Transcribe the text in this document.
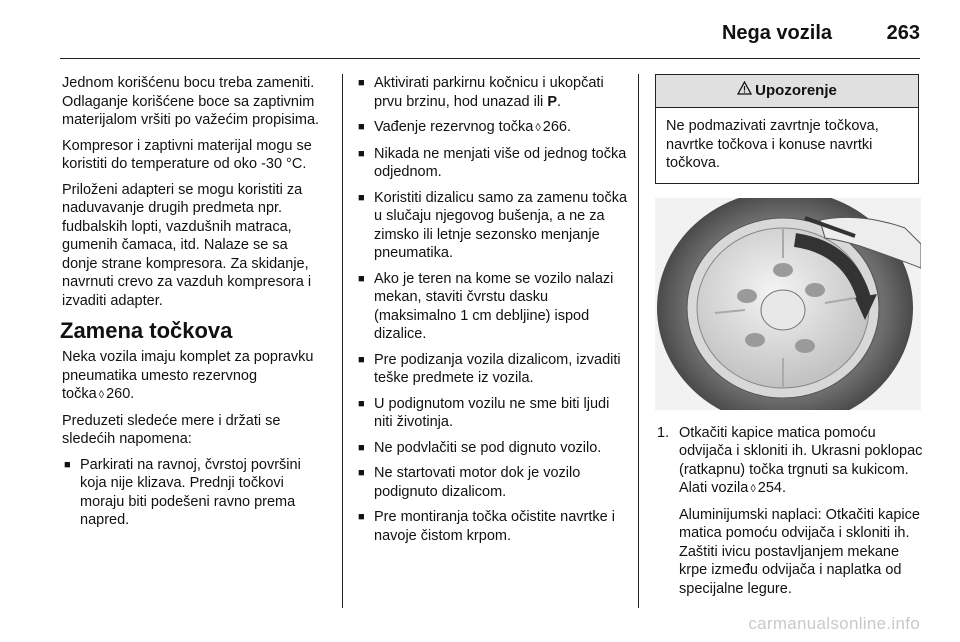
Nega vozila	263

Jednom korišćenu bocu treba zameniti. Odlaganje korišćene boce sa zaptivnim materijalom vršiti po važećim propisima.

Kompresor i zaptivni materijal mogu se koristiti do temperature od oko -30 °C.

Priloženi adapteri se mogu koristiti za naduvavanje drugih predmeta npr. fudbalskih lopti, vazdušnih matraca, gumenih čamaca, itd. Nalaze se sa donje strane kompresora. Za skidanje, navrnuti crevo za vazduh kompresora i izvaditi adapter.

Zamena točkova

Neka vozila imaju komplet za popravku pneumatika umesto rezervnog točka ◊ 260.

Preduzeti sledeće mere i držati se sledećih napomena:

■ Parkirati na ravnoj, čvrstoj površini koja nije klizava. Prednji točkovi moraju biti podešeni ravno prema napred.
■ Aktivirati parkirnu kočnicu i ukopčati prvu brzinu, hod unazad ili P.
■ Vađenje rezervnog točka ◊ 266.
■ Nikada ne menjati više od jednog točka odjednom.
■ Koristiti dizalicu samo za zamenu točka u slučaju njegovog bušenja, a ne za zimsko ili letnje sezonsko menjanje pneumatika.
■ Ako je teren na kome se vozilo nalazi mekan, staviti čvrstu dasku (maksimalno 1 cm debljine) ispod dizalice.
■ Pre podizanja vozila dizalicom, izvaditi teške predmete iz vozila.
■ U podignutom vozilu ne sme biti ljudi niti životinja.
■ Ne podvlačiti se pod dignuto vozilo.
■ Ne startovati motor dok je vozilo podignuto dizalicom.
■ Pre montiranja točka očistite navrtke i navoje čistom krpom.
Upozorenje
Ne podmazivati zavrtnje točkova, navrtke točkova i konuse navrtki točkova.
1. Otkačiti kapice matica pomoću odvijača i skloniti ih. Ukrasni poklopac (ratkapnu) točka trgnuti sa kukicom. Alati vozila ◊ 254.

Aluminijumski naplaci: Otkačiti kapice matica pomoću odvijača i skloniti ih. Zaštiti ivicu postavljanjem mekane krpe između odvijača i naplatka od specijalne legure.

carmanualsonline.info
